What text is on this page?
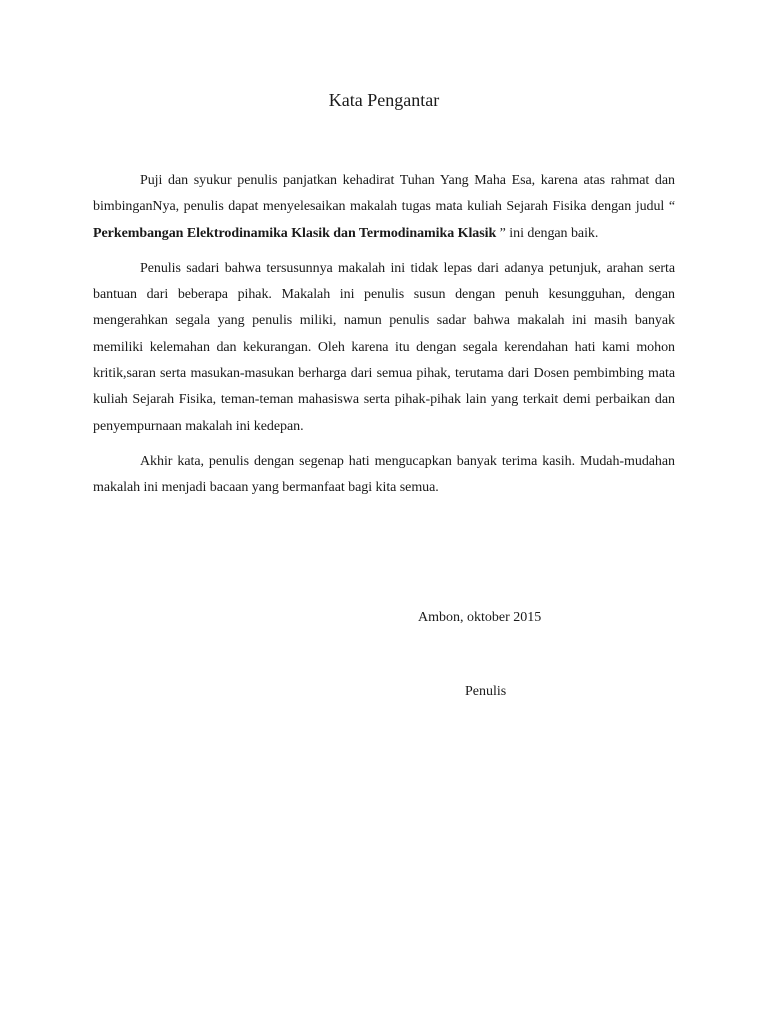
Kata Pengantar

Puji dan syukur penulis panjatkan kehadirat Tuhan Yang Maha Esa, karena atas rahmat dan bimbinganNya, penulis dapat menyelesaikan makalah tugas mata kuliah Sejarah Fisika dengan judul “ Perkembangan Elektrodinamika Klasik dan Termodinamika Klasik ” ini dengan baik.

Penulis sadari bahwa tersusunnya makalah ini tidak lepas dari adanya petunjuk, arahan serta bantuan dari beberapa pihak. Makalah ini penulis susun dengan penuh kesungguhan, dengan mengerahkan segala yang penulis miliki, namun penulis sadar bahwa makalah ini masih banyak memiliki kelemahan dan kekurangan. Oleh karena itu dengan segala kerendahan hati kami mohon kritik,saran serta masukan-masukan berharga dari semua pihak, terutama dari Dosen pembimbing mata kuliah Sejarah Fisika, teman-teman mahasiswa serta pihak-pihak lain yang terkait demi perbaikan dan penyempurnaan makalah ini kedepan.

Akhir kata, penulis dengan segenap hati mengucapkan banyak terima kasih. Mudah-mudahan makalah ini menjadi bacaan yang bermanfaat bagi kita semua.

Ambon, oktober 2015
Penulis
